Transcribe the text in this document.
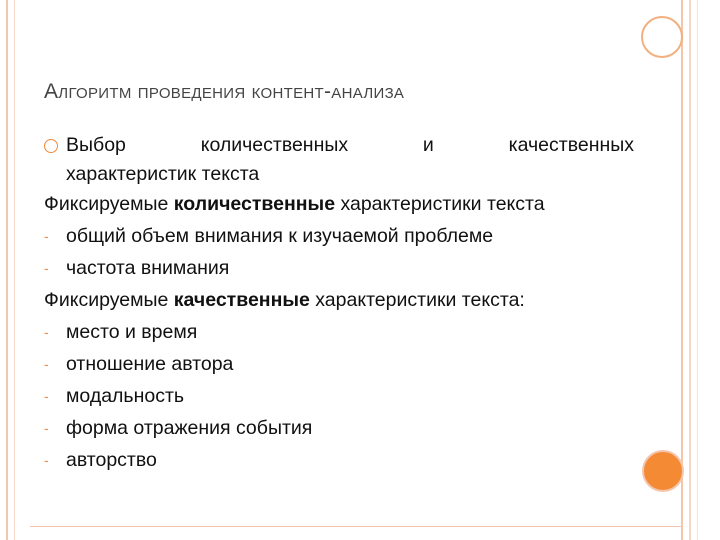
Алгоритм проведения контент-анализа
Выбор количественных и качественных
характеристик текста
Фиксируемые количественные характеристики текста
- общий объем внимания к изучаемой проблеме
- частота внимания
Фиксируемые качественные характеристики текста:
- место и время
- отношение автора
- модальность
- форма отражения события
- авторство
